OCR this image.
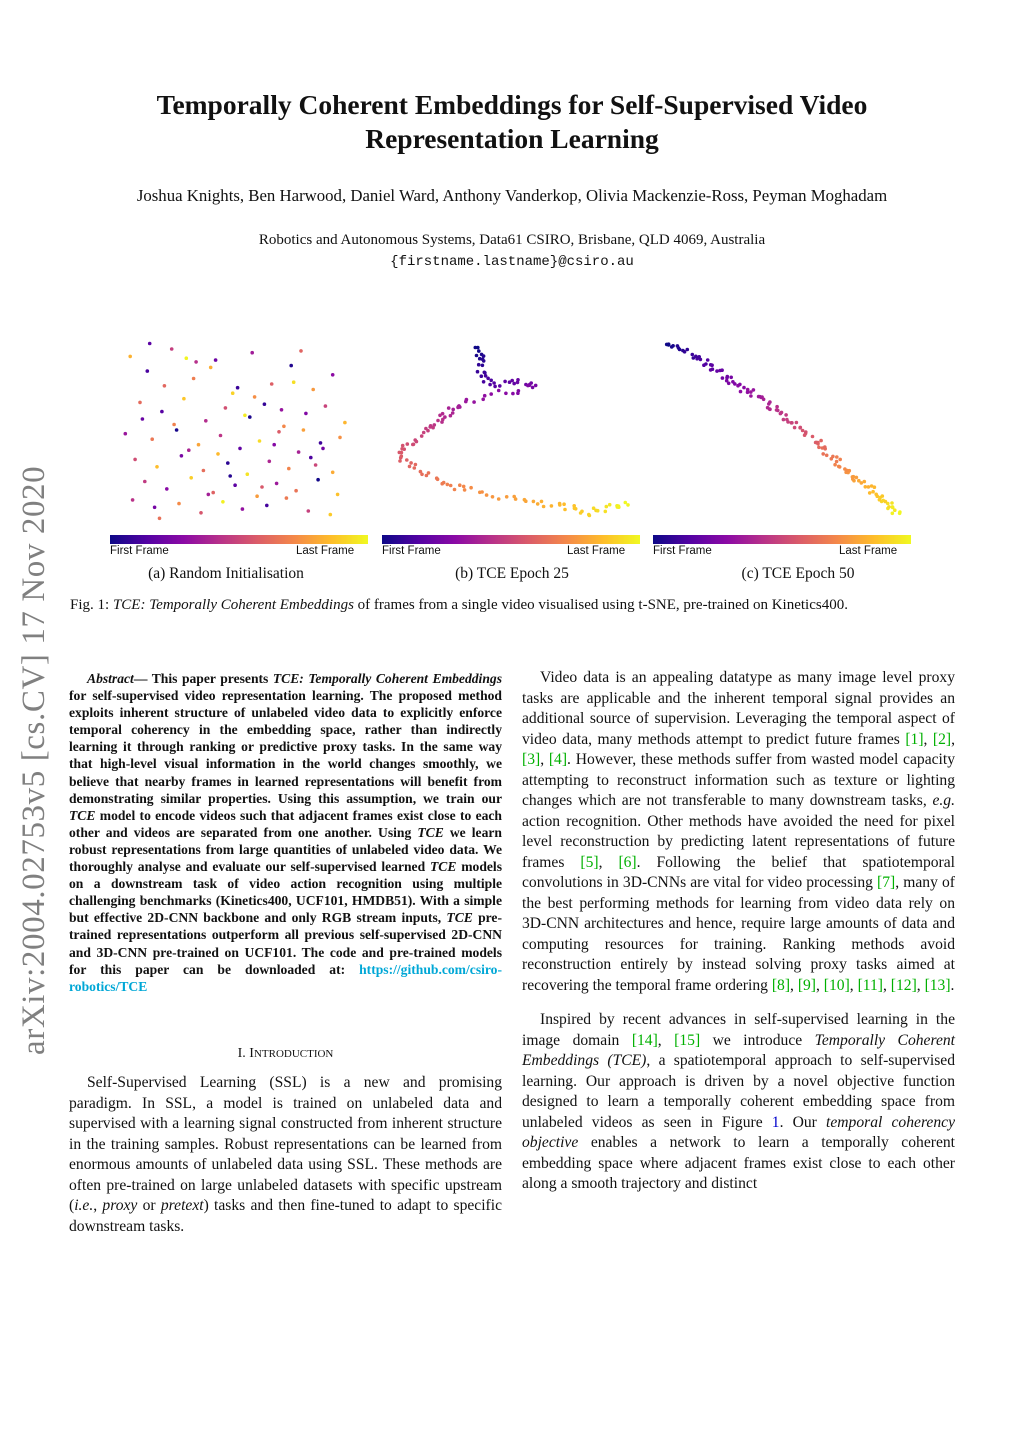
Temporally Coherent Embeddings for Self-Supervised Video
Representation Learning
Joshua Knights, Ben Harwood, Daniel Ward, Anthony Vanderkop, Olivia Mackenzie-Ross, Peyman Moghadam
Robotics and Autonomous Systems, Data61 CSIRO, Brisbane, QLD 4069, Australia
{firstname.lastname}@csiro.au
arXiv:2004.02753v5 [cs.CV] 17 Nov 2020	First Frame	Last Frame First Frame	Last Frame First Frame	Last Frame
(a) Random Initialisation	(b) TCE Epoch 25	(c) TCE Epoch 50
Fig. 1: TCE: Temporally Coherent Embeddings of frames from a single video visualised using t-SNE, pre-trained on Kinetics400.
Abstract— This paper presents TCE: Temporally Coherent Embeddings for self-supervised video representation learning. The proposed method exploits inherent structure of unlabeled video data to explicitly enforce temporal coherency in the embedding space, rather than indirectly learning it through ranking or predictive proxy tasks. In the same way that high-level visual information in the world changes smoothly, we believe that nearby frames in learned representations will benefit from demonstrating similar properties. Using this assumption, we train our TCE model to encode videos such that adjacent frames exist close to each other and videos are separated from one another. Using TCE we learn robust representations from large quantities of unlabeled video data. We thoroughly analyse and evaluate our self-supervised learned TCE models on a downstream task of video action recognition using multiple challenging benchmarks (Kinetics400, UCF101, HMDB51). With a simple but effective 2D-CNN backbone and only RGB stream inputs, TCE pre-trained representations outperform all previous self-supervised 2D-CNN and 3D-CNN pre-trained on UCF101. The code and pre-trained models for this paper can be downloaded at: https://github.com/csiro-robotics/TCE
I. INTRODUCTION

Self-Supervised Learning (SSL) is a new and promising paradigm. In SSL, a model is trained on unlabeled data and supervised with a learning signal constructed from inherent structure in the training samples. Robust representations can be learned from enormous amounts of unlabeled data using SSL. These methods are often pre-trained on large unlabeled datasets with specific upstream (i.e., proxy or pretext) tasks and then fine-tuned to adapt to specific downstream tasks.

Video data is an appealing datatype as many image level proxy tasks are applicable and the inherent temporal signal provides an additional source of supervision. Leveraging the temporal aspect of video data, many methods attempt to predict future frames [1], [2], [3], [4]. However, these methods suffer from wasted model capacity attempting to reconstruct information such as texture or lighting changes which are not transferable to many downstream tasks, e.g. action recognition. Other methods have avoided the need for pixel level reconstruction by predicting latent representations of future frames [5], [6]. Following the belief that spatiotemporal convolutions in 3D-CNNs are vital for video processing [7], many of the best performing methods for learning from video data rely on 3D-CNN architectures and hence, require large amounts of data and computing resources for training. Ranking methods avoid reconstruction entirely by instead solving proxy tasks aimed at recovering the temporal frame ordering [8], [9], [10], [11], [12], [13].

Inspired by recent advances in self-supervised learning in the image domain [14], [15] we introduce Temporally Coherent Embeddings (TCE), a spatiotemporal approach to self-supervised learning. Our approach is driven by a novel objective function designed to learn a temporally coherent embedding space from unlabeled videos as seen in Figure 1. Our temporal coherency objective enables a network to learn a temporally coherent embedding space where adjacent frames exist close to each other along a smooth trajectory and distinct
